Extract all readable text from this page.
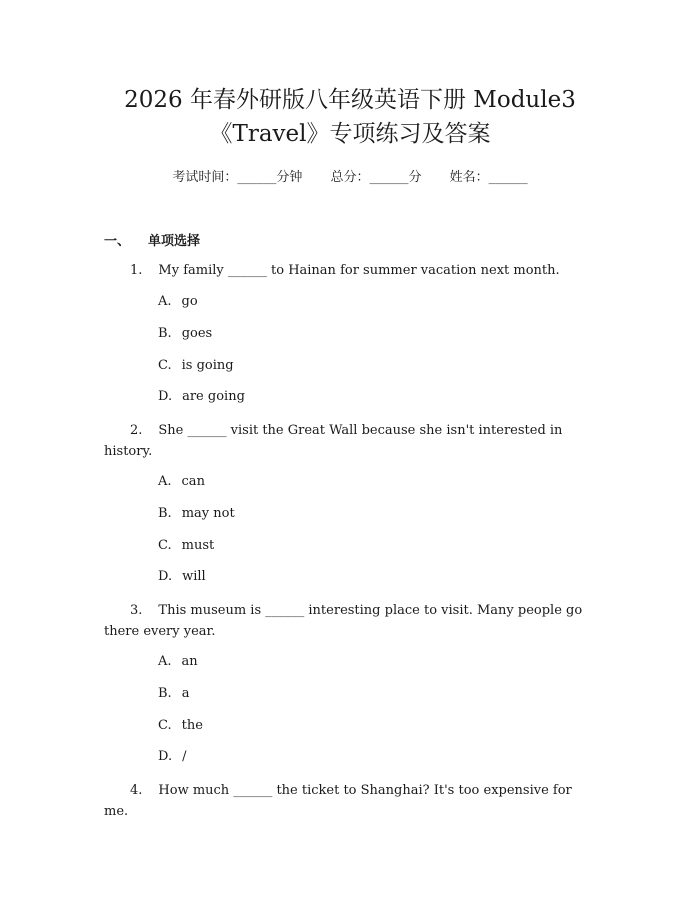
2026 年春外研版八年级英语下册 Module3
《Travel》专项练习及答案
考试时间：______分钟 总分：______分 姓名：______
一、 单项选择

1. My family ______ to Hainan for summer vacation next month.

A. go
B. goes
C. is going
D. are going

2. She ______ visit the Great Wall because she isn't interested in history.

A. can
B. may not
C. must
D. will

3. This museum is ______ interesting place to visit. Many people go there every year.

A. an
B. a
C. the
D. /

4. How much ______ the ticket to Shanghai? It's too expensive for me.
